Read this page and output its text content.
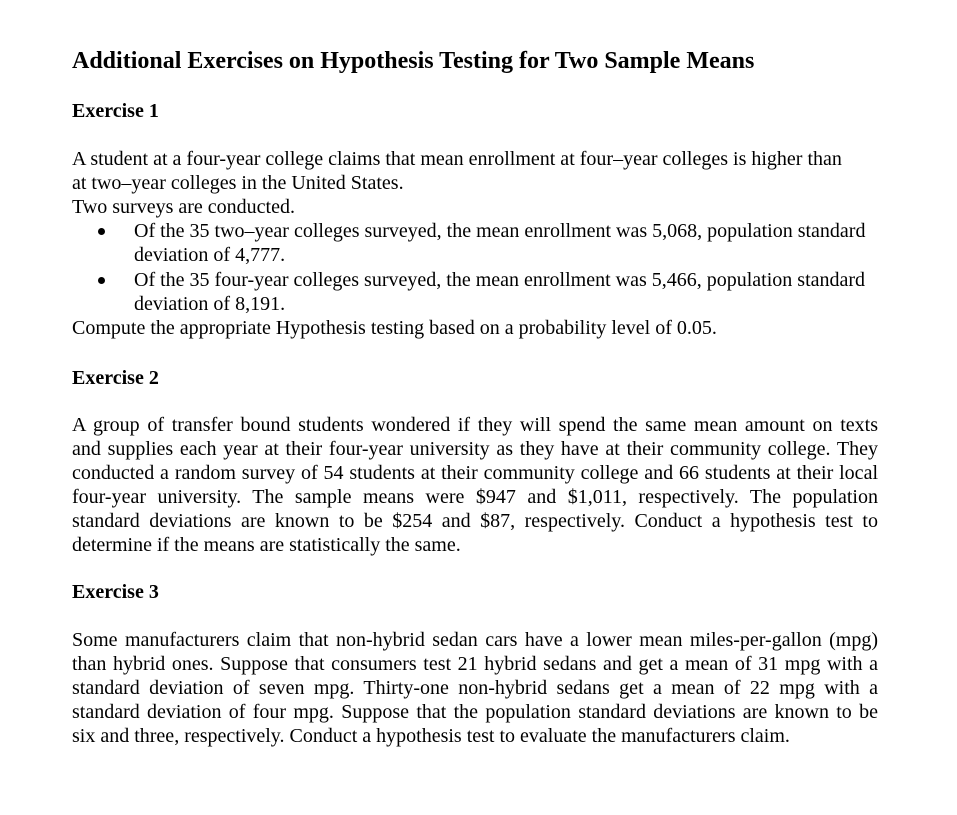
Additional Exercises on Hypothesis Testing for Two Sample Means
Exercise 1

A student at a four-year college claims that mean enrollment at four–year colleges is higher than
at two–year colleges in the United States.
Two surveys are conducted.

Of the 35 two–year colleges surveyed, the mean enrollment was 5,068, population standard
deviation of 4,777.
Of the 35 four-year colleges surveyed, the mean enrollment was 5,466, population standard
deviation of 8,191.

Compute the appropriate Hypothesis testing based on a probability level of 0.05.

Exercise 2

A group of transfer bound students wondered if they will spend the same mean amount on texts
and supplies each year at their four-year university as they have at their community college. They
conducted a random survey of 54 students at their community college and 66 students at their local
four-year university. The sample means were $947 and $1,011, respectively. The population
standard deviations are known to be $254 and $87, respectively. Conduct a hypothesis test to
determine if the means are statistically the same.

Exercise 3

Some manufacturers claim that non-hybrid sedan cars have a lower mean miles-per-gallon (mpg)
than hybrid ones. Suppose that consumers test 21 hybrid sedans and get a mean of 31 mpg with a
standard deviation of seven mpg. Thirty-one non-hybrid sedans get a mean of 22 mpg with a
standard deviation of four mpg. Suppose that the population standard deviations are known to be
six and three, respectively. Conduct a hypothesis test to evaluate the manufacturers claim.
